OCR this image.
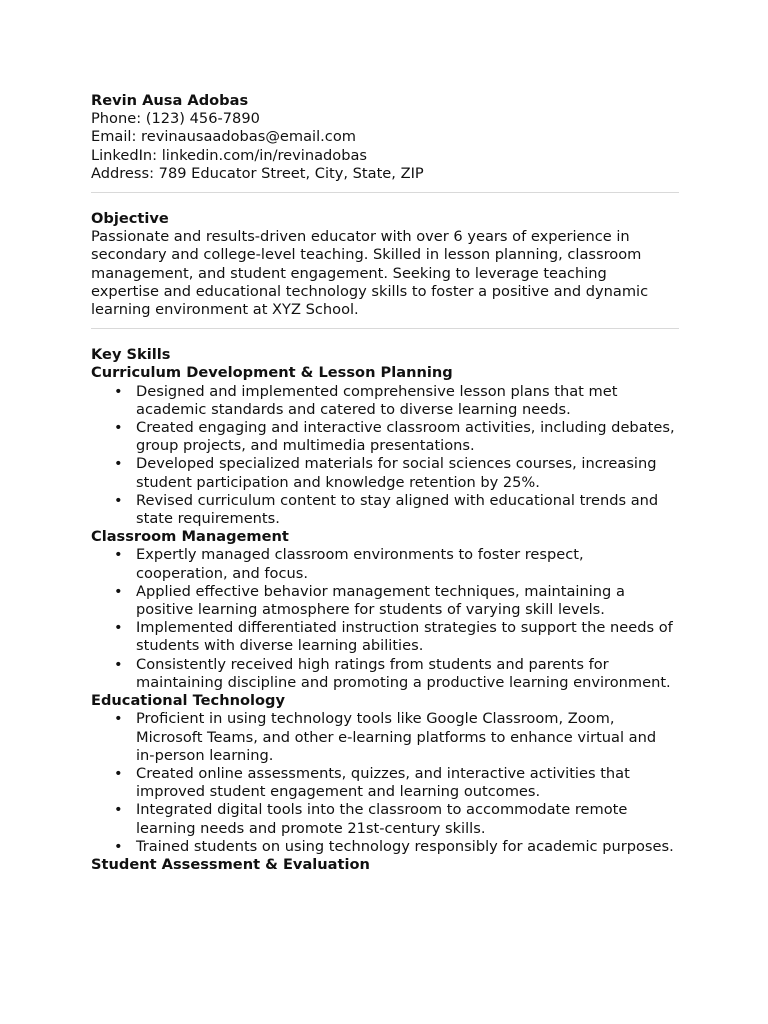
Revin Ausa Adobas
Phone: (123) 456-7890
Email: revinausaadobas@email.com
LinkedIn: linkedin.com/in/revinadobas
Address: 789 Educator Street, City, State, ZIP
Objective
Passionate and results-driven educator with over 6 years of experience in secondary and college-level teaching. Skilled in lesson planning, classroom management, and student engagement. Seeking to leverage teaching expertise and educational technology skills to foster a positive and dynamic learning environment at XYZ School.
Key Skills
Curriculum Development & Lesson Planning
• Designed and implemented comprehensive lesson plans that met academic standards and catered to diverse learning needs.
• Created engaging and interactive classroom activities, including debates, group projects, and multimedia presentations.
• Developed specialized materials for social sciences courses, increasing student participation and knowledge retention by 25%.
• Revised curriculum content to stay aligned with educational trends and state requirements.
Classroom Management
• Expertly managed classroom environments to foster respect, cooperation, and focus.
• Applied effective behavior management techniques, maintaining a positive learning atmosphere for students of varying skill levels.
• Implemented differentiated instruction strategies to support the needs of students with diverse learning abilities.
• Consistently received high ratings from students and parents for maintaining discipline and promoting a productive learning environment.
Educational Technology
• Proficient in using technology tools like Google Classroom, Zoom, Microsoft Teams, and other e-learning platforms to enhance virtual and in-person learning.
• Created online assessments, quizzes, and interactive activities that improved student engagement and learning outcomes.
• Integrated digital tools into the classroom to accommodate remote learning needs and promote 21st-century skills.
• Trained students on using technology responsibly for academic purposes.
Student Assessment & Evaluation
